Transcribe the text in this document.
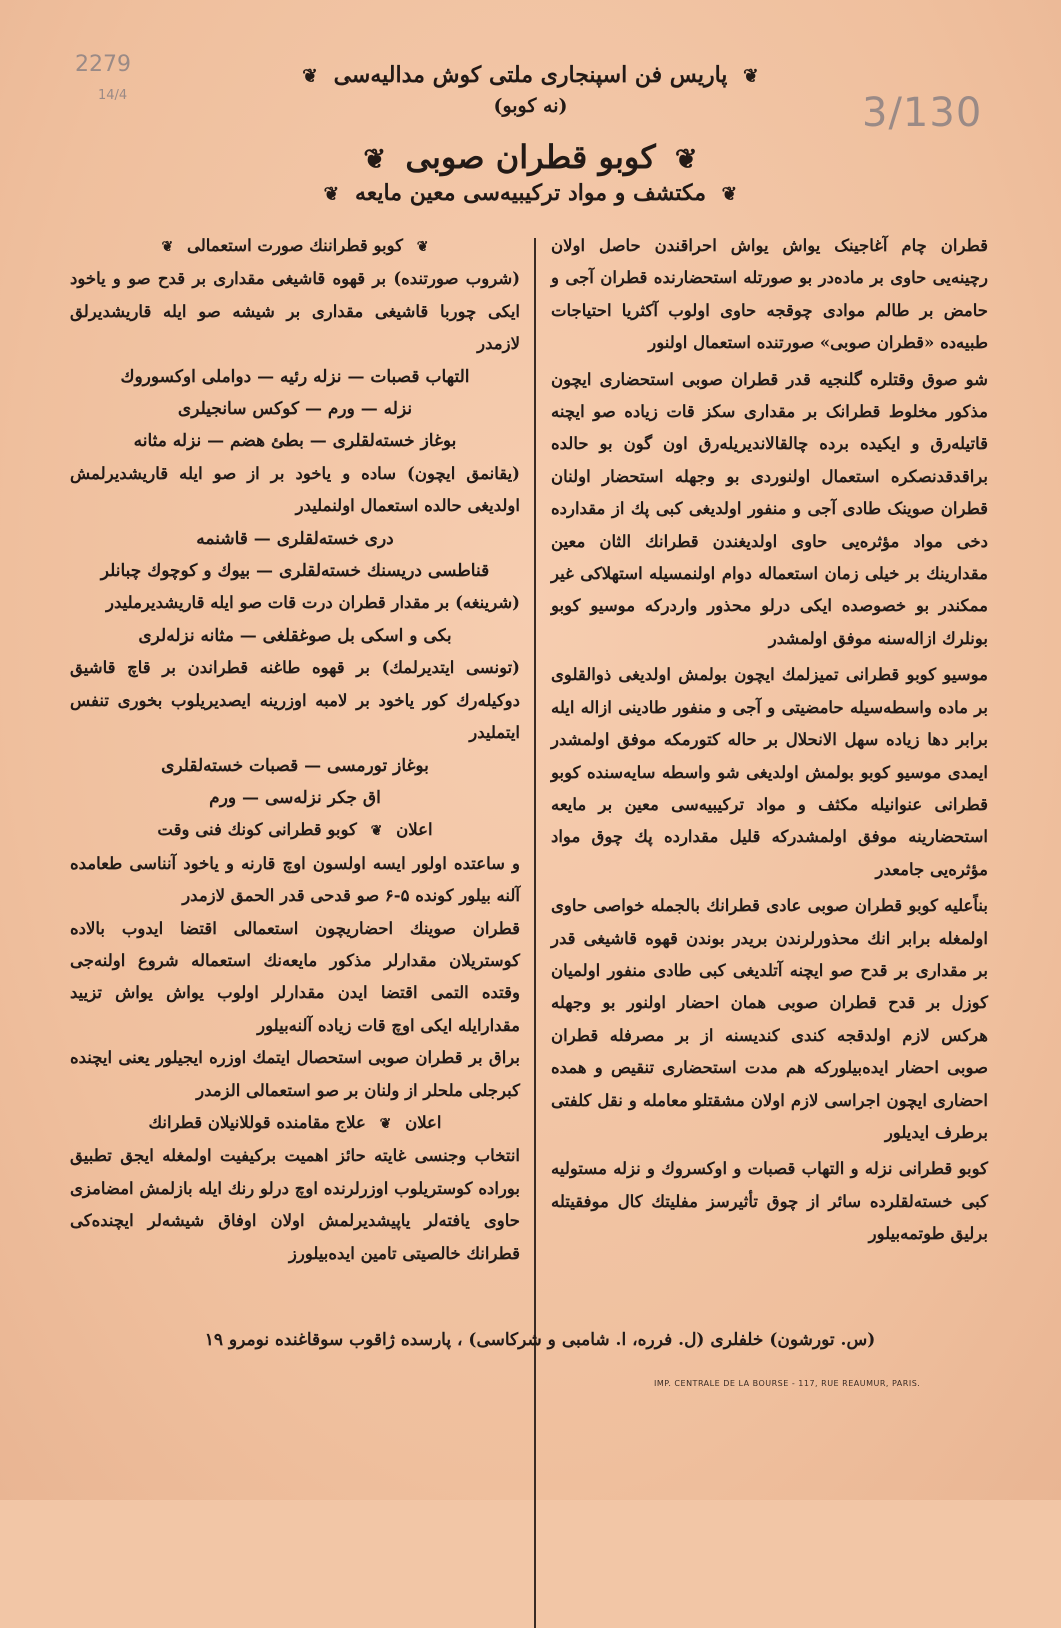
2279
14/4	3/130
❦ پاریس فن اسپنجاری ملتی کوش مدالیه‌سی ❦
(نه کوبو)
❦ کوبو قطران صوبی ❦
❦ مکتشف و مواد ترکیبیه‌سی معین مایعه ❦

قطران چام آغاجینک یواش یواش احراقندن حاصل اولان رچینه‌یی حاوی بر ماده‌در بو صورتله استحضارنده قطران آجی و حامض بر طالم موادی چوقجه حاوی اولوب آکثریا احتیاجات طبیه‌ده «قطران صوبی» صورتنده استعمال اولنور

شو صوق وقتلره گلنجیه قدر قطران صوبی استحضاری ایچون مذکور مخلوط قطرانک بر مقداری سکز قات زیاده صو ایچنه قاتیله‌رق و ایکیده برده چالقالاندیریله‌رق اون گون بو حالده براقدقدنصکره استعمال اولنوردی بو وجهله استحضار اولنان قطران صوینک طادی آجی و منفور اولدیغی کبی پك از مقدارده دخی مواد مؤثره‌یی حاوی اولدیغندن قطرانك الثان معین مقدارینك بر خیلی زمان استعماله دوام اولنمسیله استهلاکی غیر ممکندر بو خصوصده ایکی درلو محذور واردرکه موسیو کوبو بونلرك ازاله‌سنه موفق اولمشدر

موسیو کوبو قطرانی تمیزلمك ایچون بولمش اولدیغی ذوالقلوی بر ماده واسطه‌سیله حامضیتی و آجی و منفور طادینی ازاله ایله برابر دها زیاده سهل الانحلال بر حاله کتورمکه موفق اولمشدر ایمدی موسیو کوبو بولمش اولدیغی شو واسطه سایه‌سنده کوبو قطرانی عنوانیله مکثف و مواد ترکیبیه‌سی معین بر مایعه استحضارینه موفق اولمشدرکه قلیل مقدارده پك چوق مواد مؤثره‌یی جامعدر

بناًعلیه کوبو قطران صوبی عادی قطرانك بالجمله خواصی حاوی اولمغله برابر انك محذورلرندن بریدر بوندن قهوه قاشیغی قدر بر مقداری بر قدح صو ایچنه آتلدیغی کبی طادی منفور اولمیان کوزل بر قدح قطران صوبی همان احضار اولنور بو وجهله هرکس لازم اولدقجه کندی کندیسنه از بر مصرفله قطران صوبی احضار ایده‌بیلورکه هم مدت استحضاری تنقیص و همده احضاری ایچون اجراسی لازم اولان مشقتلو معامله و نقل کلفتی برطرف ایدیلور

کوبو قطرانی نزله و التهاب قصبات و اوکسروك و نزله مستولیه کبی خسته‌لقلرده سائر از چوق تأثیرسز مفلیتك کال موفقیتله برلیق طوتمه‌بیلور

❦ کوبو قطراننك صورت استعمالی ❦

(شروب صورتنده) بر قهوه قاشیغی مقداری بر قدح صو و یاخود ایکی چوربا قاشیغی مقداری بر شیشه صو ایله قاریشدیرلق لازمدر

التهاب قصبات — نزله رئیه — دواملی اوکسوروك

نزله — ورم — کوکس سانجیلری

بوغاز خسته‌لقلری — بطئ هضم — نزله مثانه

(یقانمق ایچون) ساده و یاخود بر از صو ایله قاریشدیرلمش اولدیغی حالده استعمال اولنملیدر

دری خسته‌لقلری — قاشنمه

قناطسی دریسنك خسته‌لقلری — بیوك و کوچوك چبانلر

(شرینغه) بر مقدار قطران درت قات صو ایله قاریشدیرملیدر

بکی و اسکی بل صوغقلغی — مثانه نزله‌لری

(تونسی ایتدیرلمك) بر قهوه طاغنه قطراندن بر قاچ قاشیق دوکیله‌رك کور یاخود بر لامبه اوزرینه ایصدیریلوب بخوری تنفس ایتملیدر

بوغاز تورمسی — قصبات خسته‌لقلری

اق جکر نزله‌سی — ورم

اعلان ❦ کوبو قطرانی کونك فنی وقت

و ساعتده اولور ایسه اولسون اوچ قارنه و یاخود آنناسی طعامده آلنه بیلور کونده ۵-۶ صو قدحی قدر الحمق لازمدر

قطران صوینك احضاریچون استعمالی اقتضا ایدوب بالاده کوستریلان مقدارلر مذکور مایعه‌نك استعماله شروع اولنه‌جی وقتده التمی اقتضا ایدن مقدارلر اولوب یواش یواش تزیید مقدارایله ایکی اوچ قات زیاده آلنه‌بیلور

براق بر قطران صوبی استحصال ایتمك اوزره ایجیلور یعنی ایچنده کبرجلی ملحلر از ولنان بر صو استعمالی الزمدر

اعلان ❦ علاج مقامنده قوللانیلان قطرانك

انتخاب وجنسی غایته حائز اهمیت برکیفیت اولمغله ایجق تطبیق بوراده کوستریلوب اوزرلرنده اوچ درلو رنك ایله بازلمش امضامزی حاوی یافته‌لر یاپیشدیرلمش اولان اوفاق شیشه‌لر ایچنده‌کی قطرانك خالصیتی تامین ایده‌بیلورز

(س. تورشون) خلفلری (ل. فرره، ا. شامبی و شرکاسی) ، پارسده ژاقوب سوقاغنده نومرو ۱۹
IMP. CENTRALE DE LA BOURSE - 117, RUE REAUMUR, PARIS.
